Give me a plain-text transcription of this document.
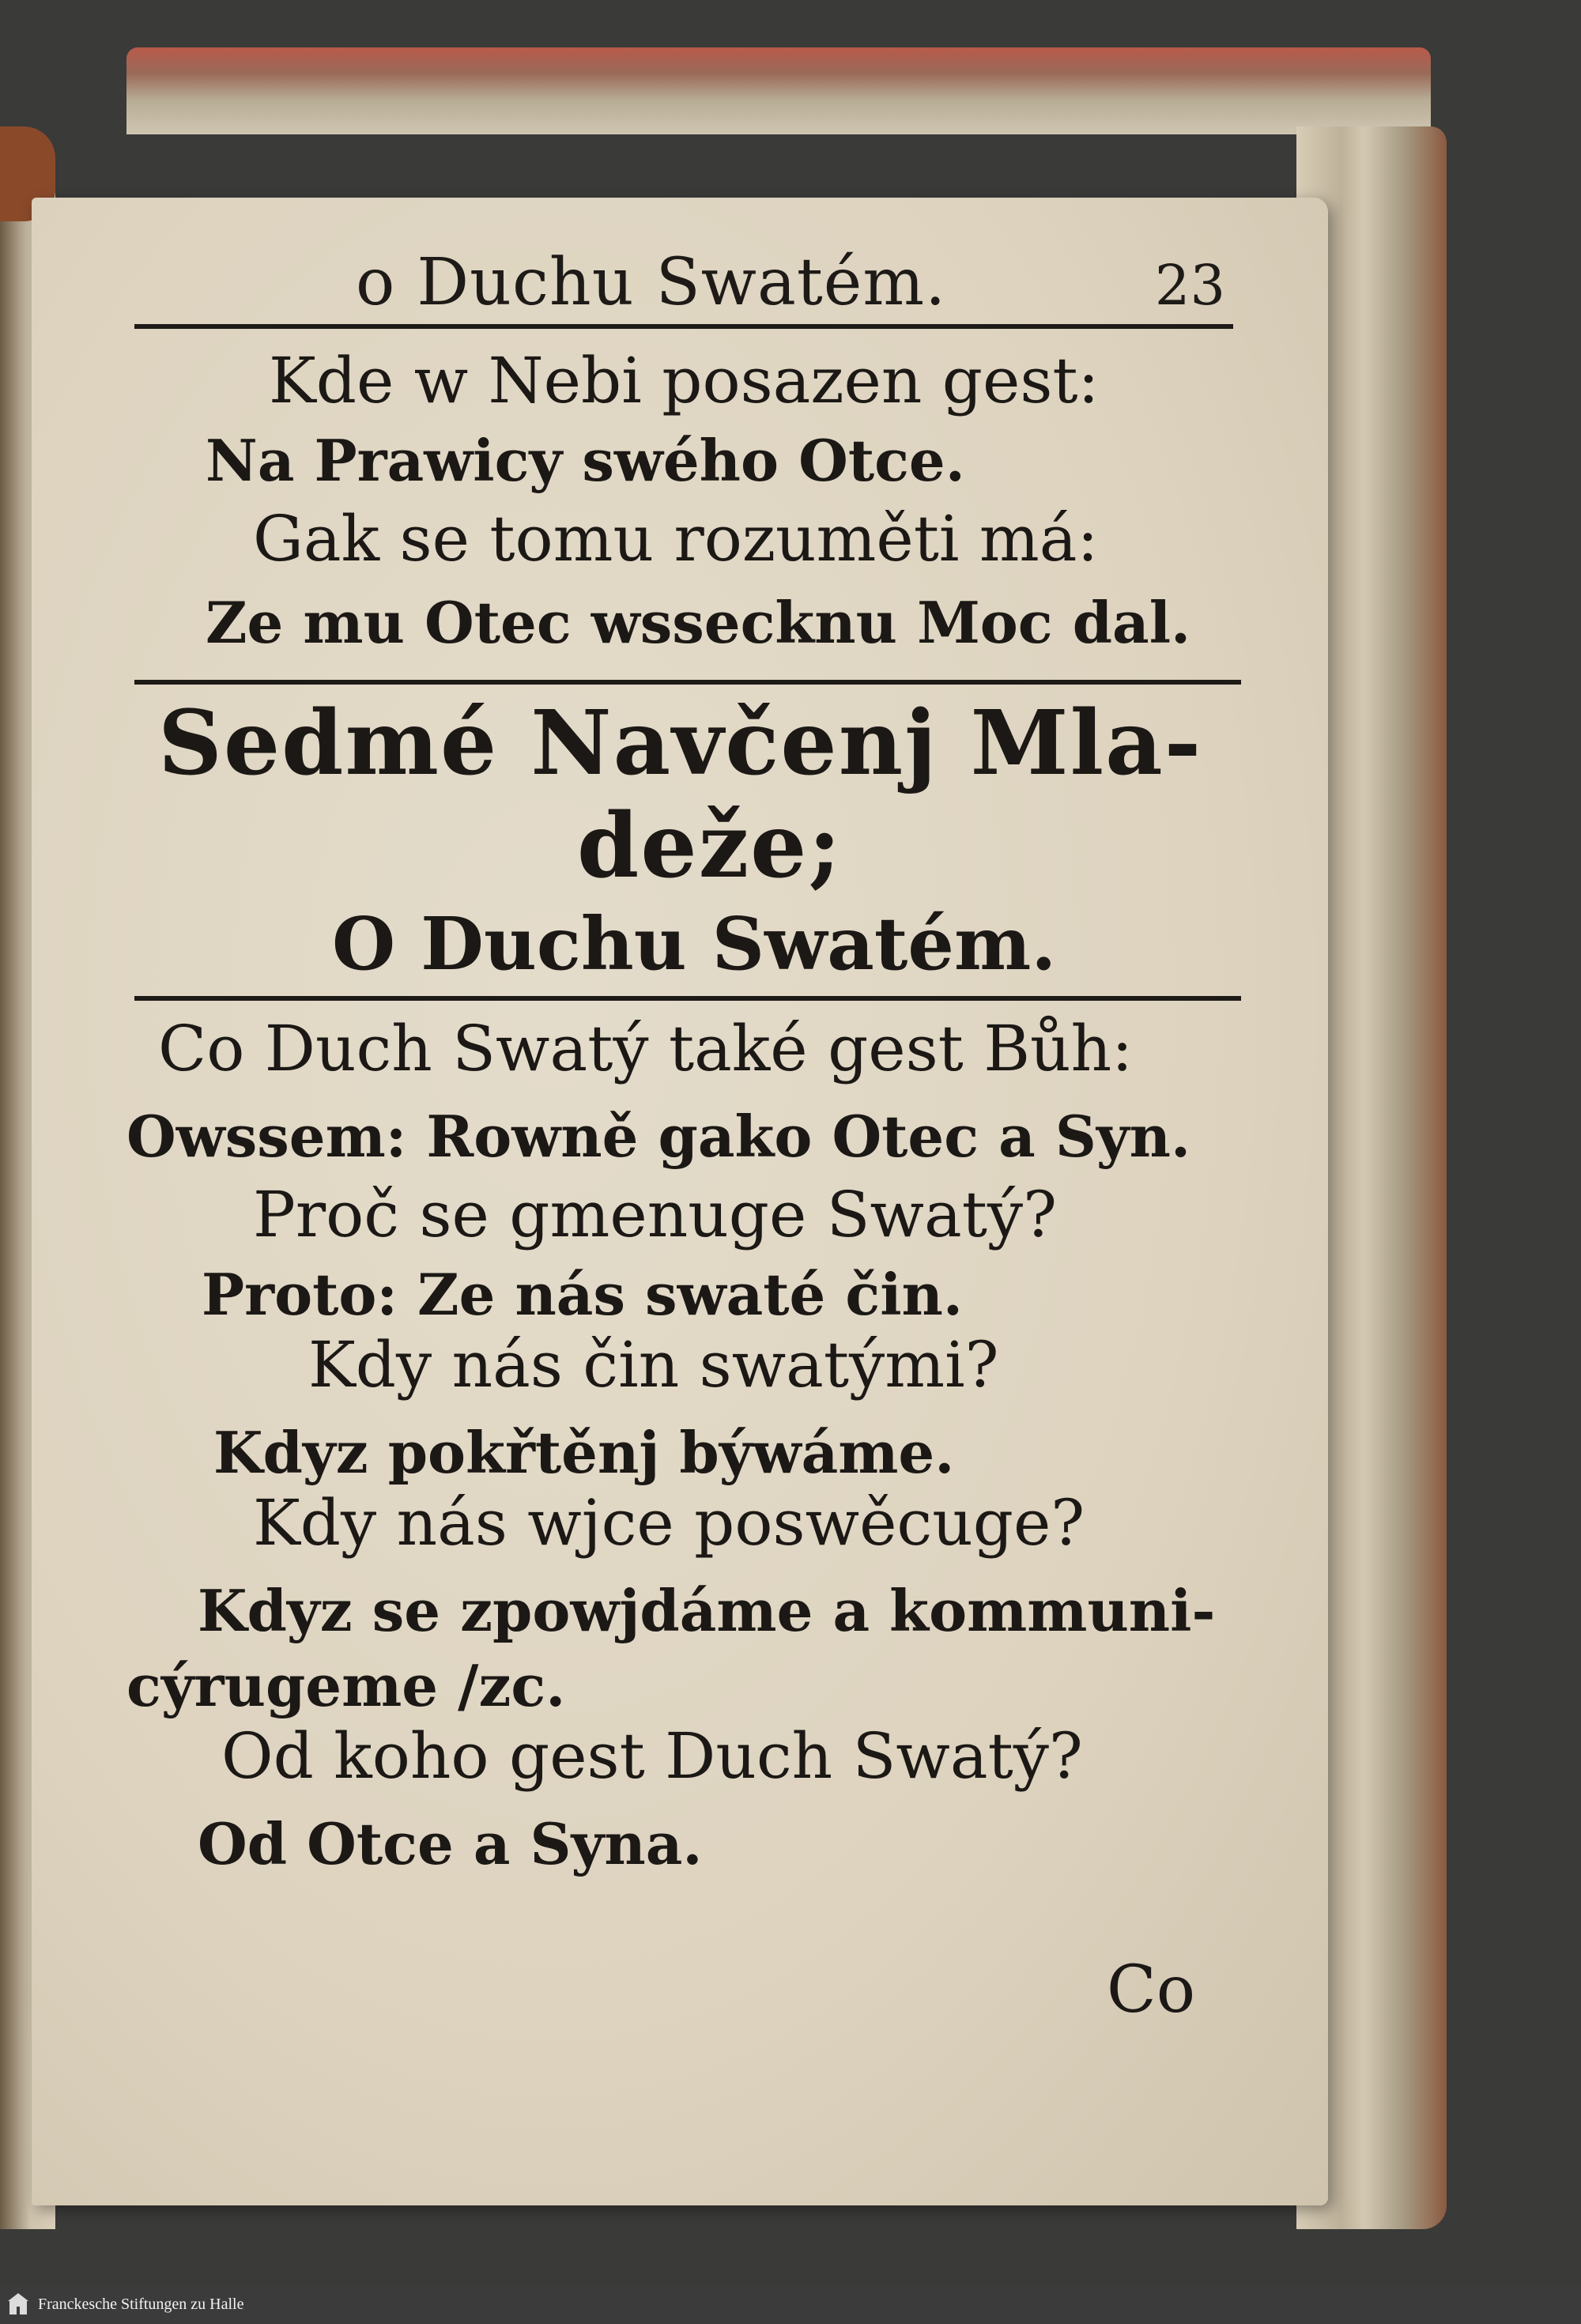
o Duchu Swatém.	23
Kde w Nebi posazen gest:
Na Prawicy swého Otce.
Gak se tomu rozuměti má:
Ze mu Otec wssecknu Moc dal.
Sedmé Navčenj Mla-
deže;
O Duchu Swatém.
Co Duch Swatý také gest Bůh:
Owssem: Rowně gako Otec a Syn.
Proč se gmenuge Swatý?
Proto: Ze nás swaté čin.
Kdy nás čin swatými?
Kdyz pokřtěnj býwáme.
Kdy nás wjce poswěcuge?
Kdyz se zpowjdáme a kommuni-
cýrugeme /zc.
Od koho gest Duch Swatý?
Od Otce a Syna.
Co
Franckesche Stiftungen zu Halle
